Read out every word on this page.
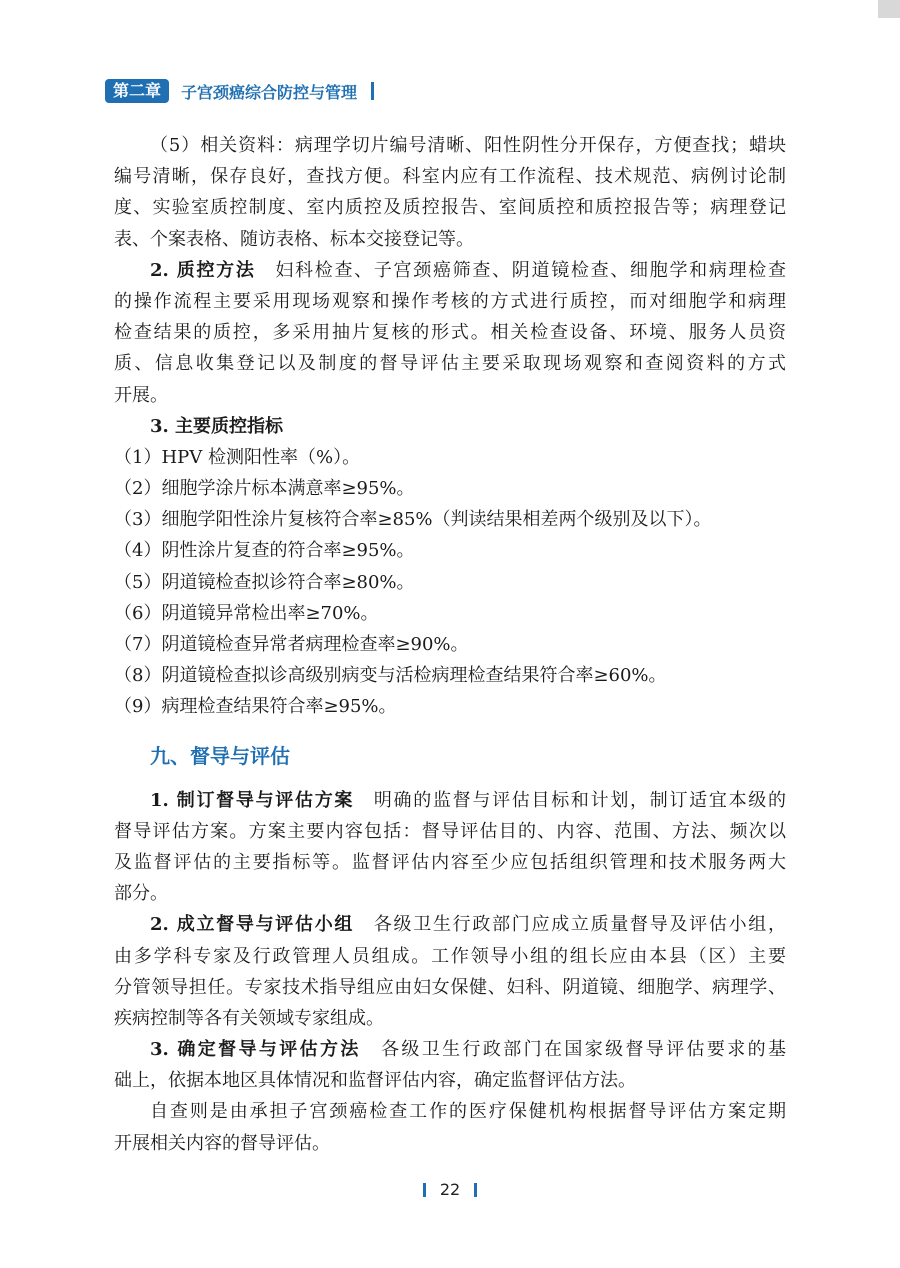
第二章	子宫颈癌综合防控与管理
（5）相关资料：病理学切片编号清晰、阳性阴性分开保存，方便查找；蜡块
编号清晰，保存良好，查找方便。科室内应有工作流程、技术规范、病例讨论制
度、实验室质控制度、室内质控及质控报告、室间质控和质控报告等；病理登记
表、个案表格、随访表格、标本交接登记等。
2. 质控方法 妇科检查、子宫颈癌筛查、阴道镜检查、细胞学和病理检查
的操作流程主要采用现场观察和操作考核的方式进行质控，而对细胞学和病理
检查结果的质控，多采用抽片复核的形式。相关检查设备、环境、服务人员资
质、信息收集登记以及制度的督导评估主要采取现场观察和查阅资料的方式
开展。
3. 主要质控指标
（1）HPV 检测阳性率（%）。
（2）细胞学涂片标本满意率≥95%。
（3）细胞学阳性涂片复核符合率≥85%（判读结果相差两个级别及以下）。
（4）阴性涂片复查的符合率≥95%。
（5）阴道镜检查拟诊符合率≥80%。
（6）阴道镜异常检出率≥70%。
（7）阴道镜检查异常者病理检查率≥90%。
（8）阴道镜检查拟诊高级别病变与活检病理检查结果符合率≥60%。
（9）病理检查结果符合率≥95%。
九、督导与评估
1. 制订督导与评估方案 明确的监督与评估目标和计划，制订适宜本级的
督导评估方案。方案主要内容包括：督导评估目的、内容、范围、方法、频次以
及监督评估的主要指标等。监督评估内容至少应包括组织管理和技术服务两大
部分。
2. 成立督导与评估小组 各级卫生行政部门应成立质量督导及评估小组，
由多学科专家及行政管理人员组成。工作领导小组的组长应由本县（区）主要
分管领导担任。专家技术指导组应由妇女保健、妇科、阴道镜、细胞学、病理学、
疾病控制等各有关领域专家组成。
3. 确定督导与评估方法 各级卫生行政部门在国家级督导评估要求的基
础上，依据本地区具体情况和监督评估内容，确定监督评估方法。
自查则是由承担子宫颈癌检查工作的医疗保健机构根据督导评估方案定期
开展相关内容的督导评估。
22
